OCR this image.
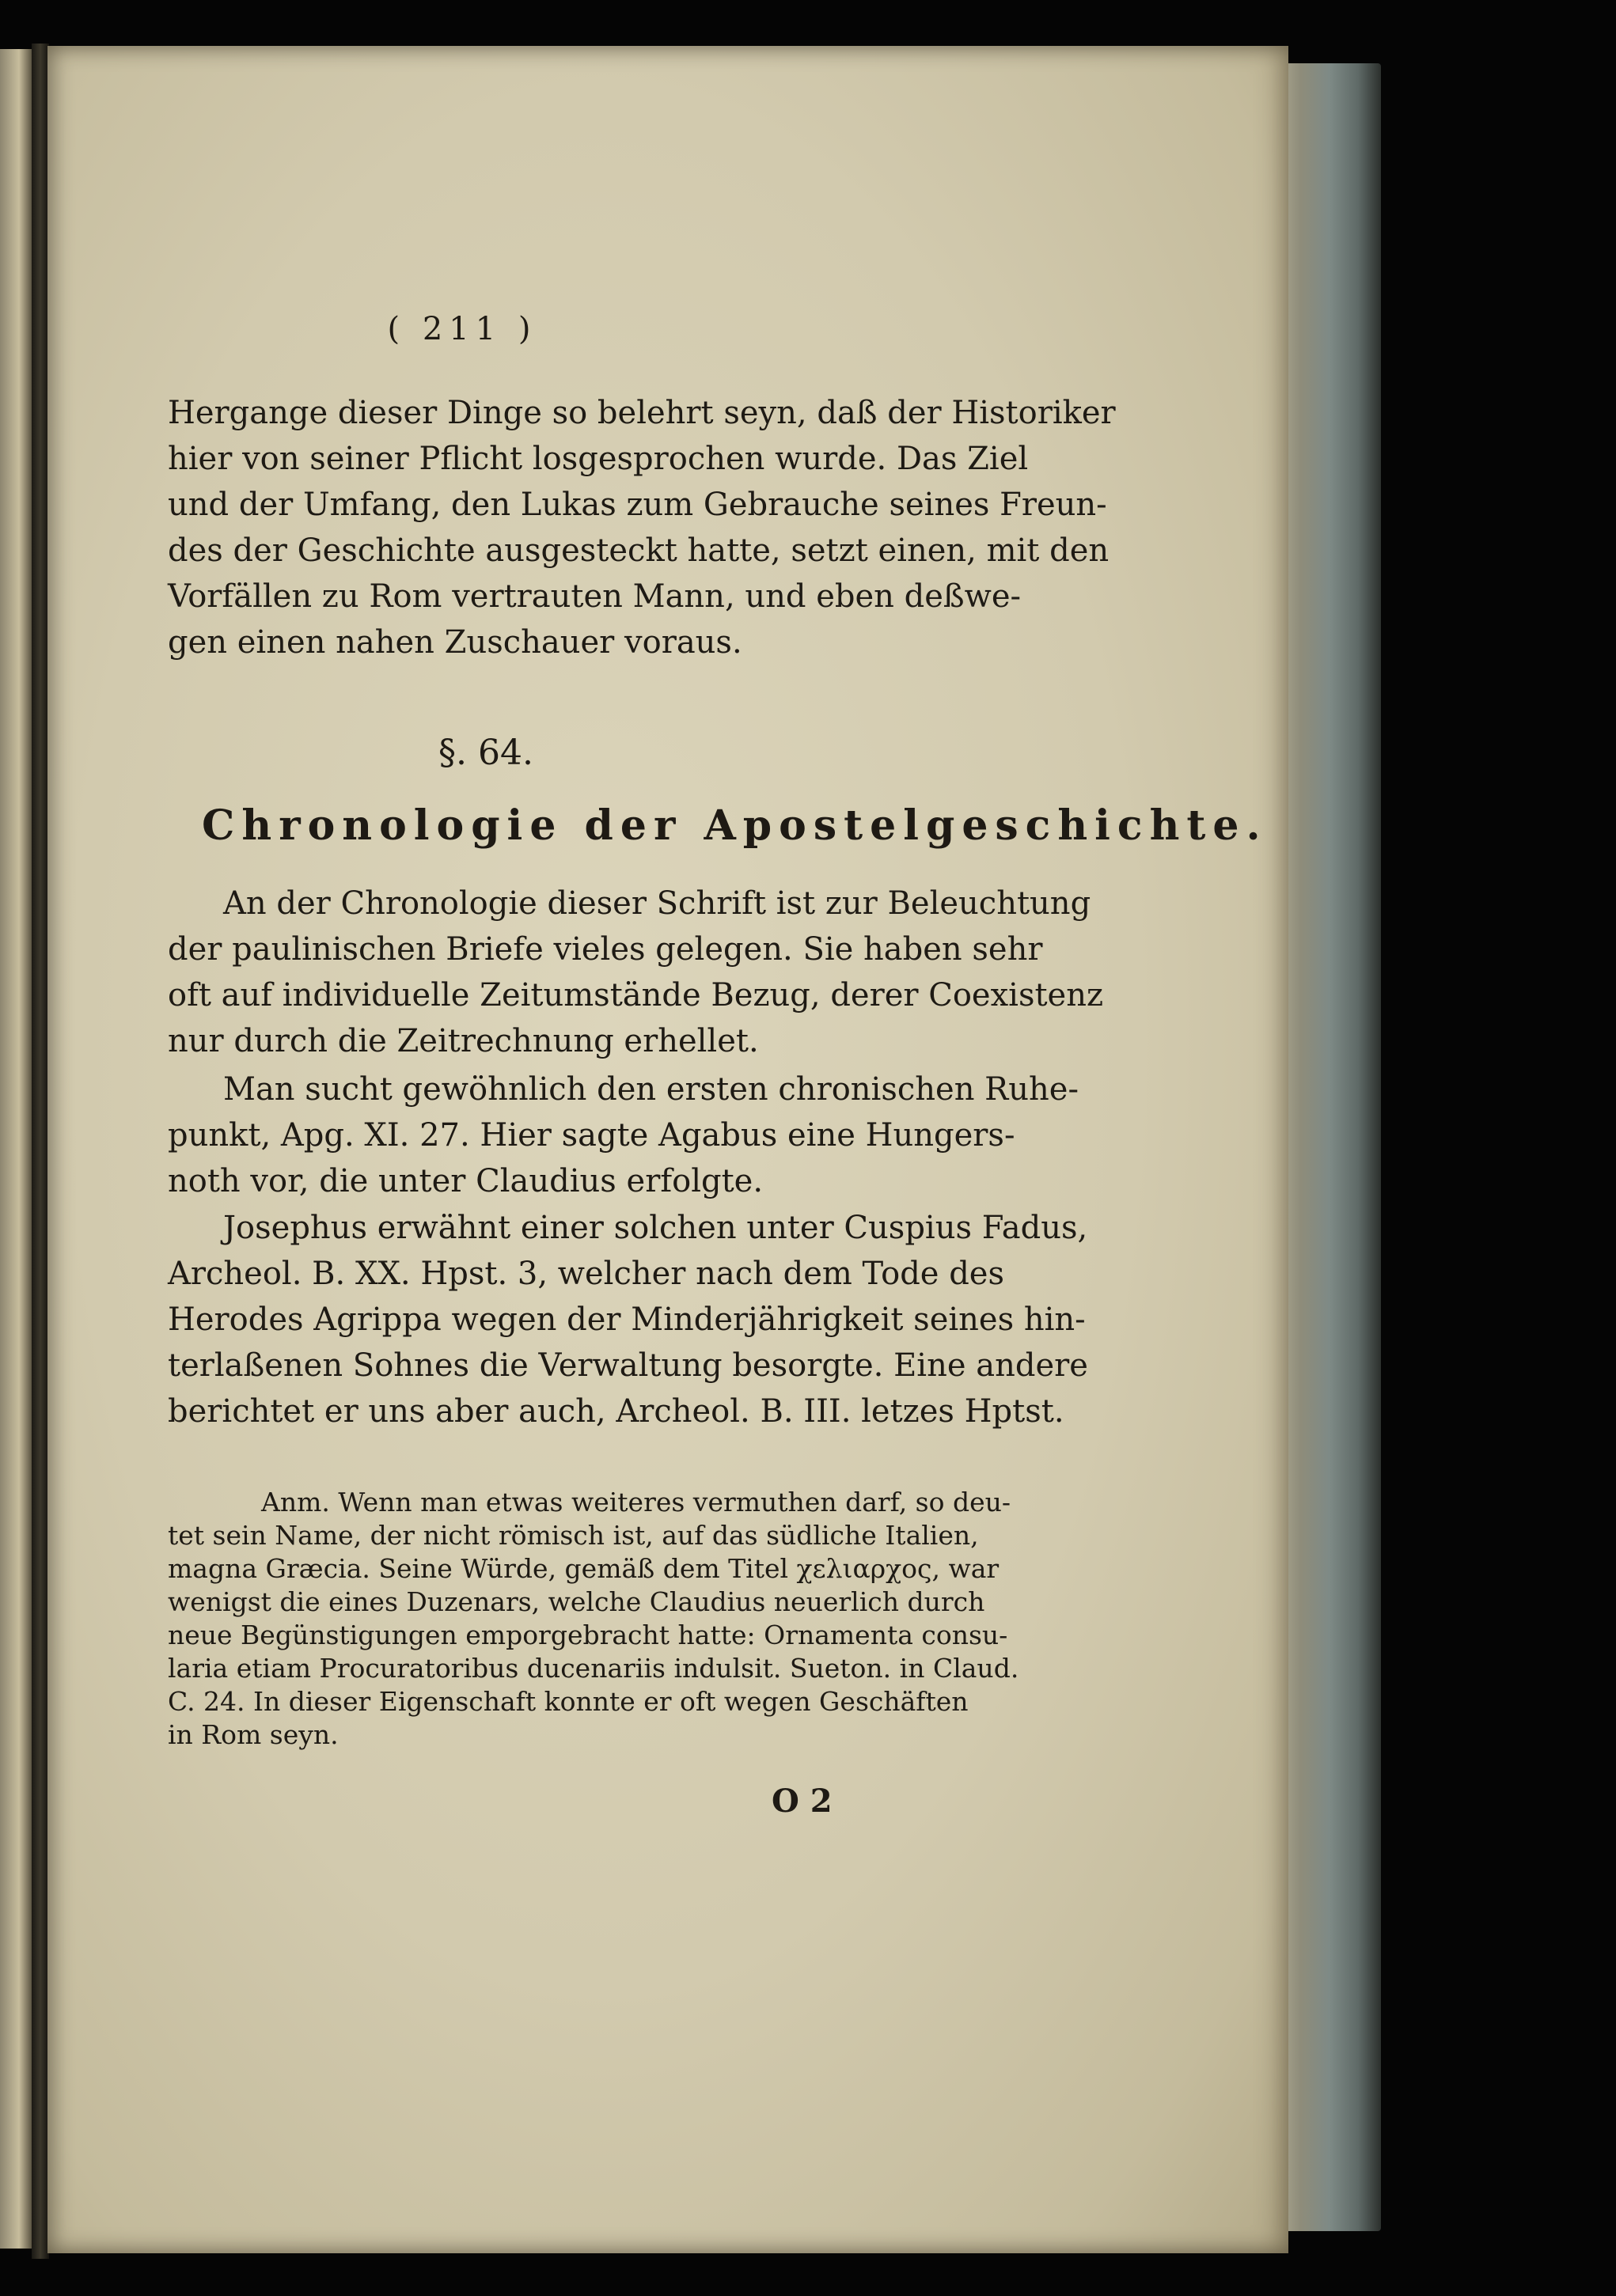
( 211 )
Hergange dieser Dinge so belehrt seyn, daß der Historiker
hier von seiner Pflicht losgesprochen wurde. Das Ziel
und der Umfang, den Lukas zum Gebrauche seines Freun-
des der Geschichte ausgesteckt hatte, setzt einen, mit den
Vorfällen zu Rom vertrauten Mann, und eben deßwe-
gen einen nahen Zuschauer voraus.
§. 64.
Chronologie der Apostelgeschichte.
An der Chronologie dieser Schrift ist zur Beleuchtung
der paulinischen Briefe vieles gelegen. Sie haben sehr
oft auf individuelle Zeitumstände Bezug, derer Coexistenz
nur durch die Zeitrechnung erhellet.
Man sucht gewöhnlich den ersten chronischen Ruhe-
punkt, Apg. XI. 27. Hier sagte Agabus eine Hungers-
noth vor, die unter Claudius erfolgte.
Josephus erwähnt einer solchen unter Cuspius Fadus,
Archeol. B. XX. Hpst. 3, welcher nach dem Tode des
Herodes Agrippa wegen der Minderjährigkeit seines hin-
terlaßenen Sohnes die Verwaltung besorgte. Eine andere
berichtet er uns aber auch, Archeol. B. III. letzes Hptst.
Anm. Wenn man etwas weiteres vermuthen darf, so deu-
tet sein Name, der nicht römisch ist, auf das südliche Italien,
magna Græcia. Seine Würde, gemäß dem Titel χελιαρχος, war
wenigst die eines Duzenars, welche Claudius neuerlich durch
neue Begünstigungen emporgebracht hatte: Ornamenta consu-
laria etiam Procuratoribus ducenariis indulsit. Sueton. in Claud.
C. 24. In dieser Eigenschaft konnte er oft wegen Geschäften
in Rom seyn.
O 2
